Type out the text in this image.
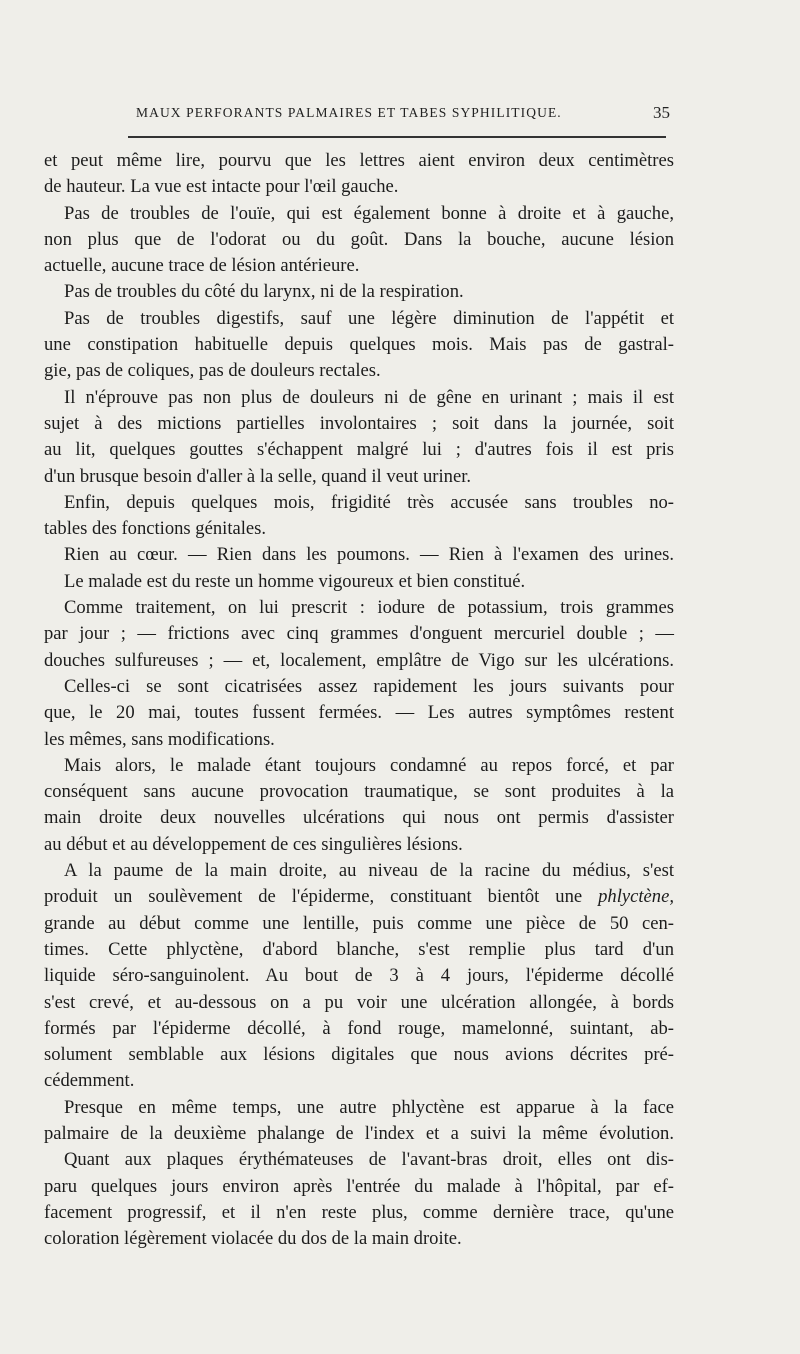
MAUX PERFORANTS PALMAIRES ET TABES SYPHILITIQUE.	35
et peut même lire, pourvu que les lettres aient environ deux centimètres
de hauteur. La vue est intacte pour l'œil gauche.
Pas de troubles de l'ouïe, qui est également bonne à droite et à gauche,
non plus que de l'odorat ou du goût. Dans la bouche, aucune lésion
actuelle, aucune trace de lésion antérieure.
Pas de troubles du côté du larynx, ni de la respiration.
Pas de troubles digestifs, sauf une légère diminution de l'appétit et
une constipation habituelle depuis quelques mois. Mais pas de gastral-
gie, pas de coliques, pas de douleurs rectales.
Il n'éprouve pas non plus de douleurs ni de gêne en urinant ; mais il est
sujet à des mictions partielles involontaires ; soit dans la journée, soit
au lit, quelques gouttes s'échappent malgré lui ; d'autres fois il est pris
d'un brusque besoin d'aller à la selle, quand il veut uriner.
Enfin, depuis quelques mois, frigidité très accusée sans troubles no-
tables des fonctions génitales.
Rien au cœur. — Rien dans les poumons. — Rien à l'examen des urines.
Le malade est du reste un homme vigoureux et bien constitué.
Comme traitement, on lui prescrit : iodure de potassium, trois grammes
par jour ; — frictions avec cinq grammes d'onguent mercuriel double ; —
douches sulfureuses ; — et, localement, emplâtre de Vigo sur les ulcérations.
Celles-ci se sont cicatrisées assez rapidement les jours suivants pour
que, le 20 mai, toutes fussent fermées. — Les autres symptômes restent
les mêmes, sans modifications.
Mais alors, le malade étant toujours condamné au repos forcé, et par
conséquent sans aucune provocation traumatique, se sont produites à la
main droite deux nouvelles ulcérations qui nous ont permis d'assister
au début et au développement de ces singulières lésions.
A la paume de la main droite, au niveau de la racine du médius, s'est
produit un soulèvement de l'épiderme, constituant bientôt une phlyctène,
grande au début comme une lentille, puis comme une pièce de 50 cen-
times. Cette phlyctène, d'abord blanche, s'est remplie plus tard d'un
liquide séro-sanguinolent. Au bout de 3 à 4 jours, l'épiderme décollé
s'est crevé, et au-dessous on a pu voir une ulcération allongée, à bords
formés par l'épiderme décollé, à fond rouge, mamelonné, suintant, ab-
solument semblable aux lésions digitales que nous avions décrites pré-
cédemment.
Presque en même temps, une autre phlyctène est apparue à la face
palmaire de la deuxième phalange de l'index et a suivi la même évolution.
Quant aux plaques érythémateuses de l'avant-bras droit, elles ont dis-
paru quelques jours environ après l'entrée du malade à l'hôpital, par ef-
facement progressif, et il n'en reste plus, comme dernière trace, qu'une
coloration légèrement violacée du dos de la main droite.
